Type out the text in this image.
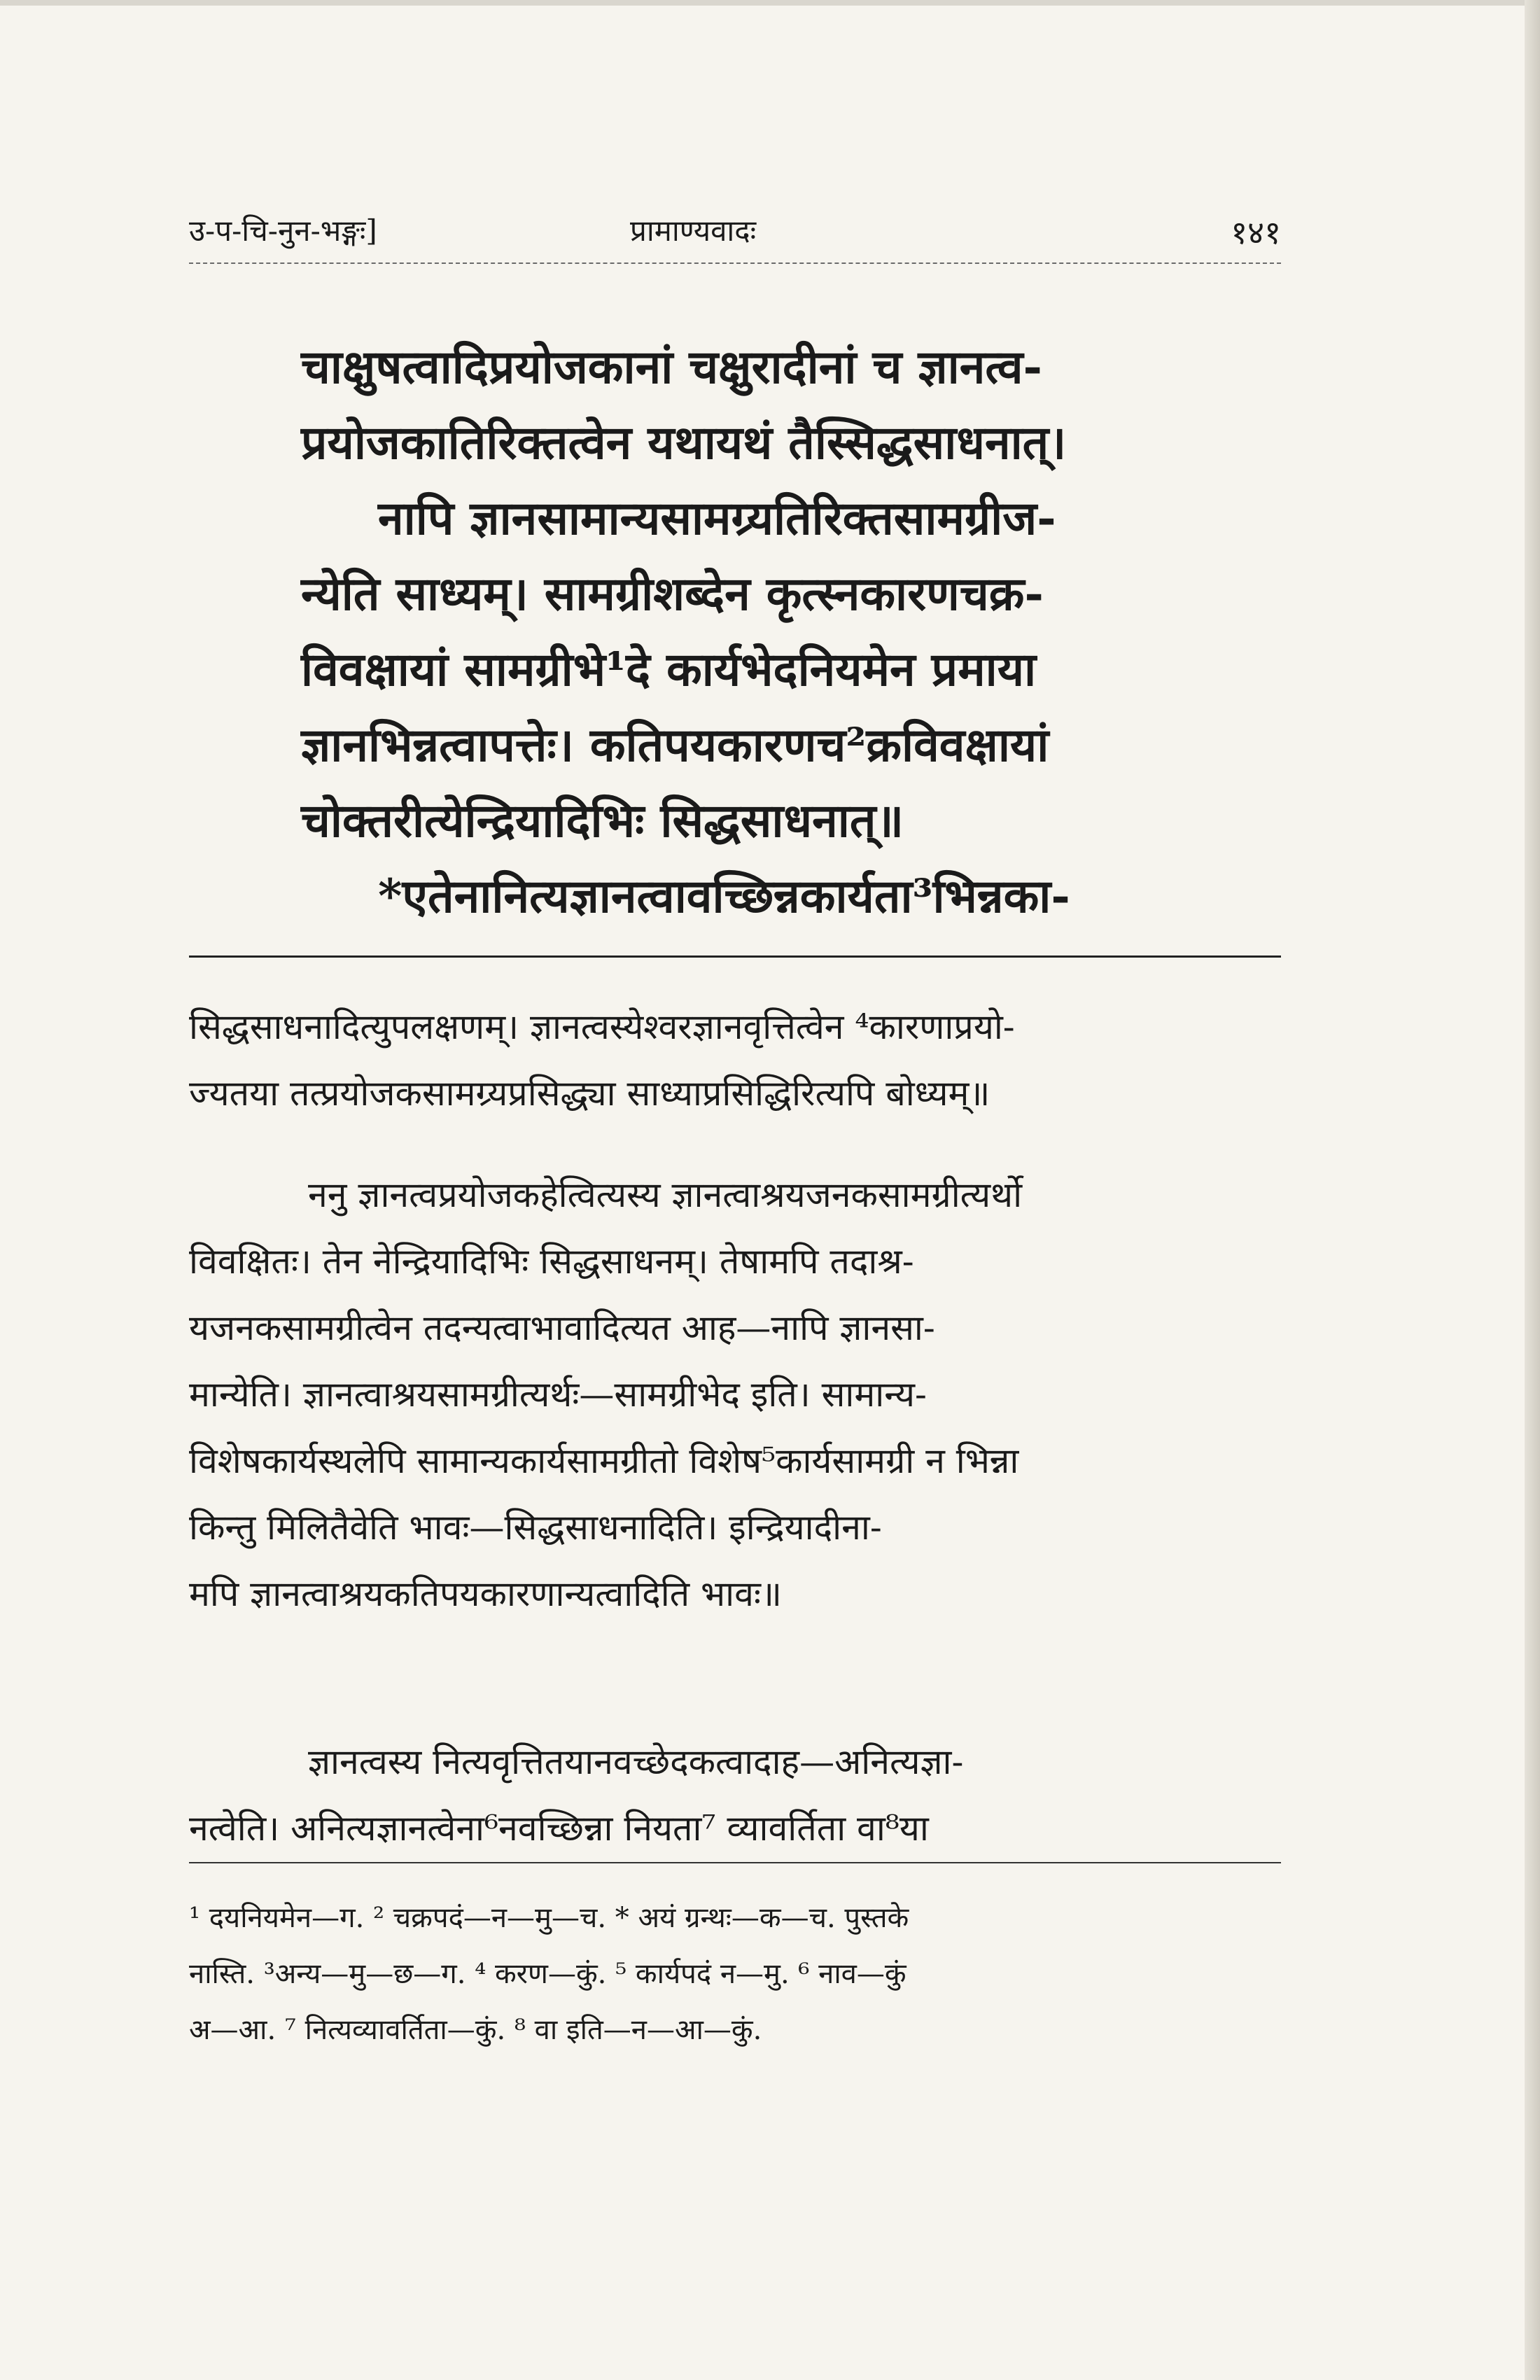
उ-प-चि-नुन-भङ्गः]	प्रामाण्यवादः	१४१

चाक्षुषत्वादिप्रयोजकानां चक्षुरादीनां च ज्ञानत्व-

प्रयोजकातिरिक्तत्वेन यथायथं तैस्सिद्धसाधनात्।

नापि ज्ञानसामान्यसामग्र्यतिरिक्तसामग्रीज-

न्येति साध्यम्। सामग्रीशब्देन कृत्स्नकारणचक्र-

विवक्षायां सामग्रीभे¹दे कार्यभेदनियमेन प्रमाया

ज्ञानभिन्नत्वापत्तेः। कतिपयकारणच²क्रविवक्षायां

चोक्तरीत्येन्द्रियादिभिः सिद्धसाधनात्॥

*एतेनानित्यज्ञानत्वावच्छिन्नकार्यता³भिन्नका-

सिद्धसाधनादित्युपलक्षणम्। ज्ञानत्वस्येश्वरज्ञानवृत्तित्वेन ⁴कारणाप्रयो-

ज्यतया तत्प्रयोजकसामग्र्यप्रसिद्ध्या साध्याप्रसिद्धिरित्यपि बोध्यम्॥

ननु ज्ञानत्वप्रयोजकहेत्वित्यस्य ज्ञानत्वाश्रयजनकसामग्रीत्यर्थो

विवक्षितः। तेन नेन्द्रियादिभिः सिद्धसाधनम्। तेषामपि तदाश्र-

यजनकसामग्रीत्वेन तदन्यत्वाभावादित्यत आह—नापि ज्ञानसा-

मान्येति। ज्ञानत्वाश्रयसामग्रीत्यर्थः—सामग्रीभेद इति। सामान्य-

विशेषकार्यस्थलेपि सामान्यकार्यसामग्रीतो विशेष⁵कार्यसामग्री न भिन्ना

किन्तु मिलितैवेति भावः—सिद्धसाधनादिति। इन्द्रियादीना-

मपि ज्ञानत्वाश्रयकतिपयकारणान्यत्वादिति भावः॥

ज्ञानत्वस्य नित्यवृत्तितयानवच्छेदकत्वादाह—अनित्यज्ञा-

नत्वेति। अनित्यज्ञानत्वेना⁶नवच्छिन्ना नियता⁷ व्यावर्तिता वा⁸या

¹ दयनियमेन—ग. ² चक्रपदं—न—मु—च. * अयं ग्रन्थः—क—च. पुस्तके

नास्ति. ³अन्य—मु—छ—ग. ⁴ करण—कुं. ⁵ कार्यपदं न—मु. ⁶ नाव—कुं

अ—आ. ⁷ नित्यव्यावर्तिता—कुं. ⁸ वा इति—न—आ—कुं.
